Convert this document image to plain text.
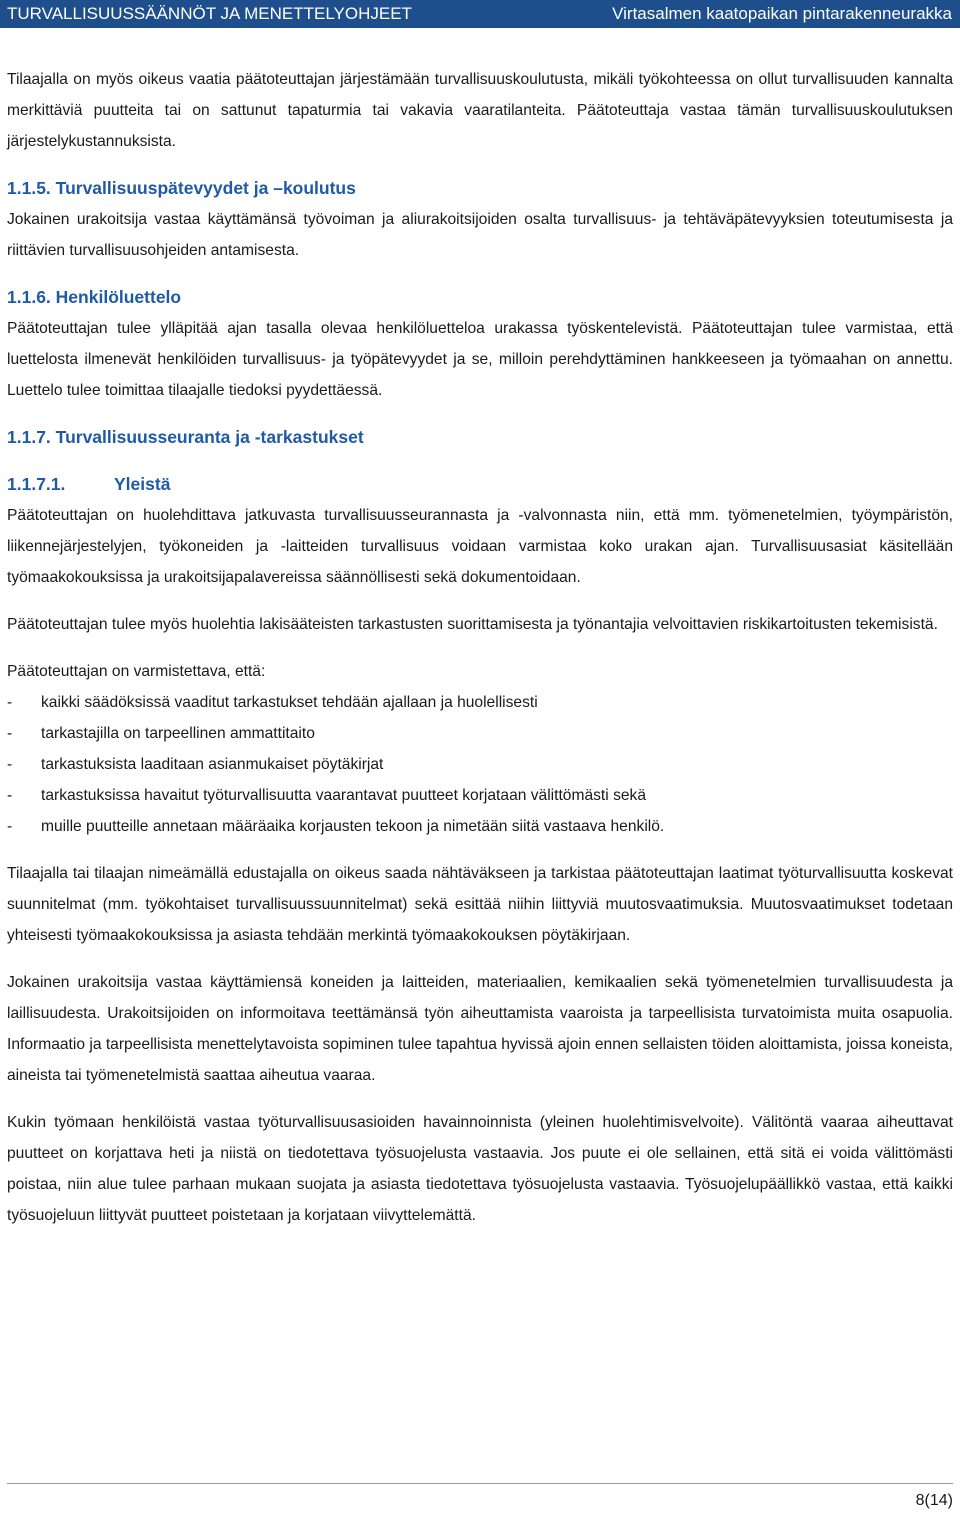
TURVALLISUUSSÄÄNNÖT JA MENETTELYOHJEET	Virtasalmen kaatopaikan pintarakenneurakka

Tilaajalla on myös oikeus vaatia päätoteuttajan järjestämään turvallisuuskoulutusta, mikäli työkohteessa on ollut turvallisuuden kannalta merkittäviä puutteita tai on sattunut tapaturmia tai vakavia vaaratilanteita. Päätoteuttaja vastaa tämän turvallisuuskoulutuksen järjestelykustannuksista.

1.1.5. Turvallisuuspätevyydet ja –koulutus

Jokainen urakoitsija vastaa käyttämänsä työvoiman ja aliurakoitsijoiden osalta turvallisuus- ja tehtäväpätevyyksien toteutumisesta ja riittävien turvallisuusohjeiden antamisesta.

1.1.6. Henkilöluettelo

Päätoteuttajan tulee ylläpitää ajan tasalla olevaa henkilöluetteloa urakassa työskentelevistä. Päätoteuttajan tulee varmistaa, että luettelosta ilmenevät henkilöiden turvallisuus- ja työpätevyydet ja se, milloin perehdyttäminen hankkeeseen ja työmaahan on annettu. Luettelo tulee toimittaa tilaajalle tiedoksi pyydettäessä.

1.1.7. Turvallisuusseuranta ja -tarkastukset
1.1.7.1.	Yleistä

Päätoteuttajan on huolehdittava jatkuvasta turvallisuusseurannasta ja -valvonnasta niin, että mm. työmenetelmien, työympäristön, liikennejärjestelyjen, työkoneiden ja -laitteiden turvallisuus voidaan varmistaa koko urakan ajan. Turvallisuusasiat käsitellään työmaakokouksissa ja urakoitsijapalavereissa säännöllisesti sekä dokumentoidaan.

Päätoteuttajan tulee myös huolehtia lakisääteisten tarkastusten suorittamisesta ja työnantajia velvoittavien riskikartoitusten tekemisistä.

Päätoteuttajan on varmistettava, että:

-	kaikki säädöksissä vaaditut tarkastukset tehdään ajallaan ja huolellisesti
-	tarkastajilla on tarpeellinen ammattitaito
-	tarkastuksista laaditaan asianmukaiset pöytäkirjat
-	tarkastuksissa havaitut työturvallisuutta vaarantavat puutteet korjataan välittömästi sekä
-	muille puutteille annetaan määräaika korjausten tekoon ja nimetään siitä vastaava henkilö.

Tilaajalla tai tilaajan nimeämällä edustajalla on oikeus saada nähtäväkseen ja tarkistaa päätoteuttajan laatimat työturvallisuutta koskevat suunnitelmat (mm. työkohtaiset turvallisuussuunnitelmat) sekä esittää niihin liittyviä muutosvaatimuksia. Muutosvaatimukset todetaan yhteisesti työmaakokouksissa ja asiasta tehdään merkintä työmaakokouksen pöytäkirjaan.

Jokainen urakoitsija vastaa käyttämiensä koneiden ja laitteiden, materiaalien, kemikaalien sekä työmenetelmien turvallisuudesta ja laillisuudesta. Urakoitsijoiden on informoitava teettämänsä työn aiheuttamista vaaroista ja tarpeellisista turvatoimista muita osapuolia. Informaatio ja tarpeellisista menettelytavoista sopiminen tulee tapahtua hyvissä ajoin ennen sellaisten töiden aloittamista, joissa koneista, aineista tai työmenetelmistä saattaa aiheutua vaaraa.

Kukin työmaan henkilöistä vastaa työturvallisuusasioiden havainnoinnista (yleinen huolehtimisvelvoite). Välitöntä vaaraa aiheuttavat puutteet on korjattava heti ja niistä on tiedotettava työsuojelusta vastaavia. Jos puute ei ole sellainen, että sitä ei voida välittömästi poistaa, niin alue tulee parhaan mukaan suojata ja asiasta tiedotettava työsuojelusta vastaavia. Työsuojelupäällikkö vastaa, että kaikki työsuojeluun liittyvät puutteet poistetaan ja korjataan viivyttelemättä.

8(14)
